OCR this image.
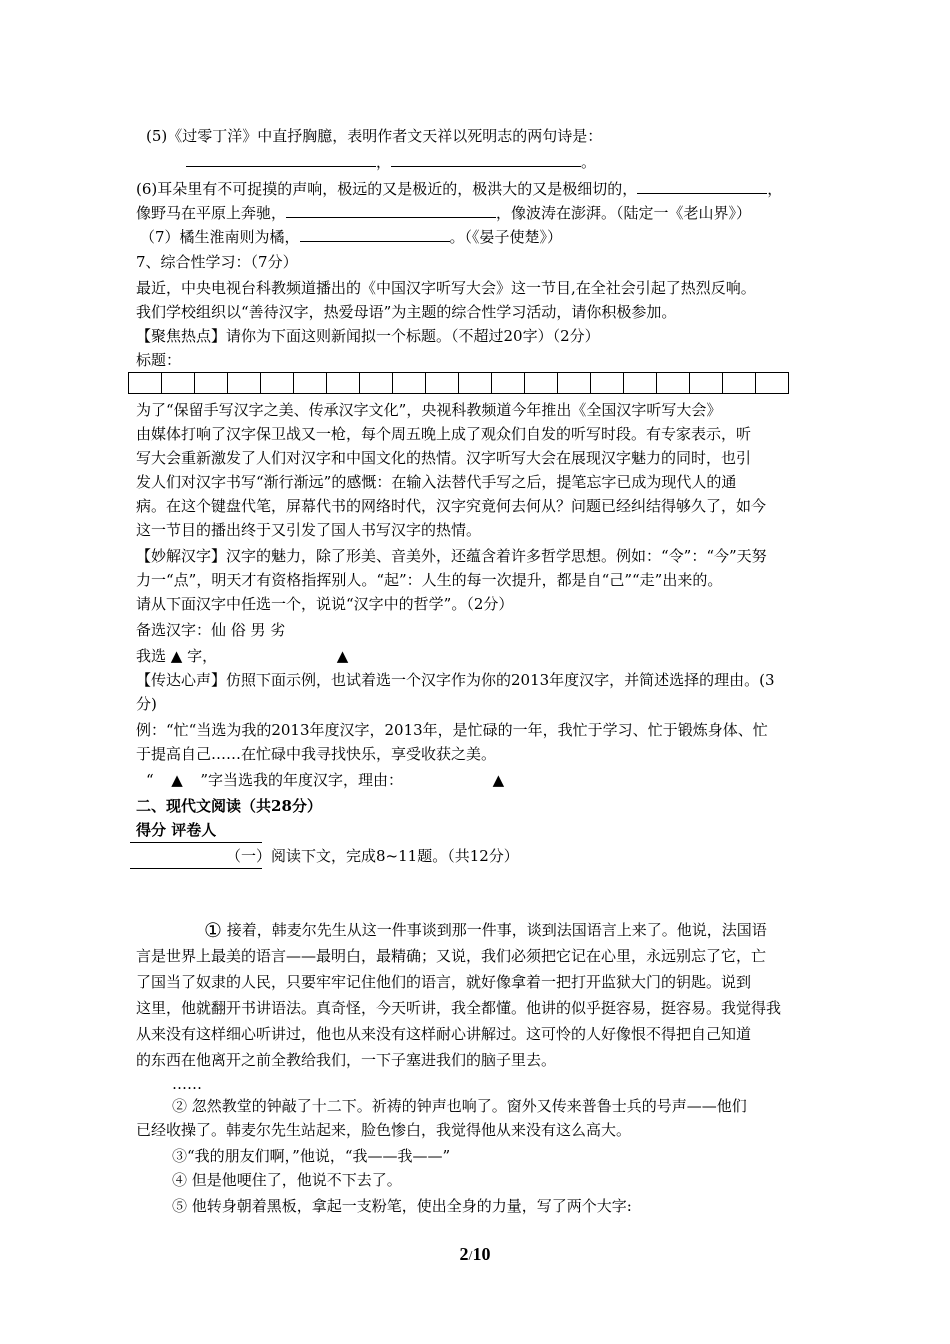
(5)《过零丁洋》中直抒胸臆，表明作者文天祥以死明志的两句诗是：
，	。
(6)耳朵里有不可捉摸的声响，极远的又是极近的，极洪大的又是极细切的，	，
像野马在平原上奔驰，	，像波涛在澎湃。（陆定一《老山界》）
（7）橘生淮南则为橘，	。（《晏子使楚》）
7、综合性学习：（7分）
最近，中央电视台科教频道播出的《中国汉字听写大会》这一节目,在全社会引起了热烈反响。
我们学校组织以“善待汉字，热爱母语”为主题的综合性学习活动，请你积极参加。
【聚焦热点】请你为下面这则新闻拟一个标题。（不超过20字）（2分）
标题：
为了“保留手写汉字之美、传承汉字文化”，央视科教频道今年推出《全国汉字听写大会》
由媒体打响了汉字保卫战又一枪，每个周五晚上成了观众们自发的听写时段。有专家表示，听
写大会重新激发了人们对汉字和中国文化的热情。汉字听写大会在展现汉字魅力的同时，也引
发人们对汉字书写“渐行渐远”的感慨：在输入法替代手写之后，提笔忘字已成为现代人的通
病。在这个键盘代笔，屏幕代书的网络时代，汉字究竟何去何从？问题已经纠结得够久了，如今
这一节目的播出终于又引发了国人书写汉字的热情。
【妙解汉字】汉字的魅力，除了形美、音美外，还蕴含着许多哲学思想。例如：“令”：“今”天努
力一“点”，明天才有资格指挥别人。“起”：人生的每一次提升，都是自“己”“走”出来的。
请从下面汉字中任选一个，说说“汉字中的哲学”。（2分）
备选汉字：仙 俗 男 劣
我选 ▲ 字，	▲
【传达心声】仿照下面示例，也试着选一个汉字作为你的2013年度汉字，并简述选择的理由。(3
分)
例：“忙“当选为我的2013年度汉字，2013年，是忙碌的一年，我忙于学习、忙于锻炼身体、忙
于提高自己……在忙碌中我寻找快乐，享受收获之美。
“ ▲ ”字当选我的年度汉字，理由：	▲
二、现代文阅读（共28分）
得分 评卷人
（一）阅读下文，完成8~11题。（共12分）
① 接着，韩麦尔先生从这一件事谈到那一件事，谈到法国语言上来了。他说，法国语
言是世界上最美的语言——最明白，最精确；又说，我们必须把它记在心里，永远别忘了它，亡
了国当了奴隶的人民，只要牢牢记住他们的语言，就好像拿着一把打开监狱大门的钥匙。说到
这里，他就翻开书讲语法。真奇怪，今天听讲，我全都懂。他讲的似乎挺容易，挺容易。我觉得我
从来没有这样细心听讲过，他也从来没有这样耐心讲解过。这可怜的人好像恨不得把自己知道
的东西在他离开之前全教给我们，一下子塞进我们的脑子里去。
……
② 忽然教堂的钟敲了十二下。祈祷的钟声也响了。窗外又传来普鲁士兵的号声——他们
已经收操了。韩麦尔先生站起来，脸色惨白，我觉得他从来没有这么高大。
③“我的朋友们啊，”他说，“我——我——”
④ 但是他哽住了，他说不下去了。
⑤ 他转身朝着黑板，拿起一支粉笔，使出全身的力量，写了两个大字:
2/10
